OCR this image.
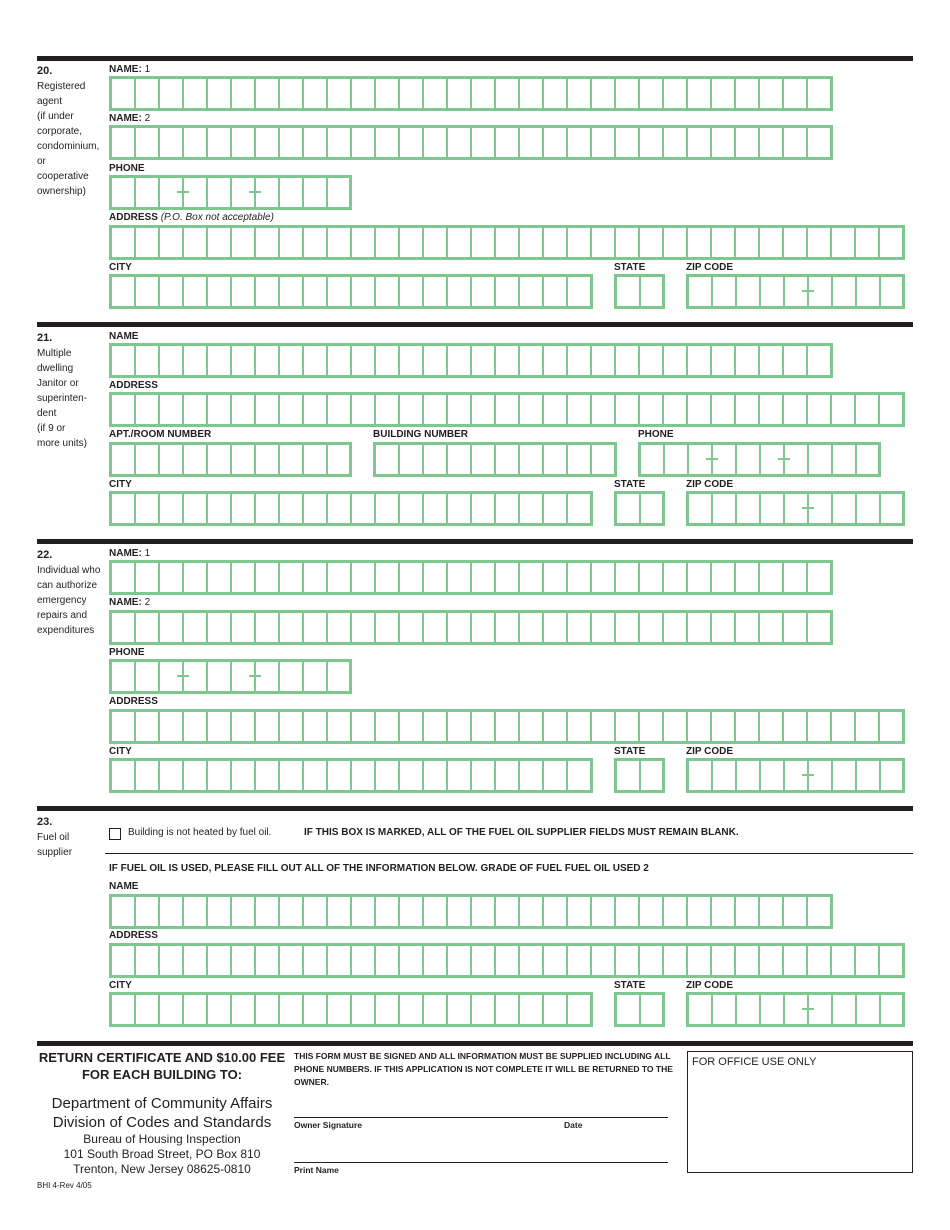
20.
Registered
agent
(if under
corporate,
condominium,
or
cooperative
ownership)
NAME: 1
NAME: 2
PHONE
ADDRESS (P.O. Box not acceptable)
CITY	STATE	ZIP CODE
21.
Multiple
dwelling
Janitor or
superinten-
dent
(if 9 or
more units)
NAME
ADDRESS
APT./ROOM NUMBER	BUILDING NUMBER	PHONE
CITY	STATE	ZIP CODE
22.
Individual who
can authorize
emergency
repairs and
expenditures
NAME: 1
NAME: 2
PHONE
ADDRESS
CITY	STATE	ZIP CODE
23.
Fuel oil
supplier
Building is not heated by fuel oil.	IF THIS BOX IS MARKED, ALL OF THE FUEL OIL SUPPLIER FIELDS MUST REMAIN BLANK.
IF FUEL OIL IS USED, PLEASE FILL OUT ALL OF THE INFORMATION BELOW. GRADE OF FUEL FUEL OIL USED 2
NAME
ADDRESS
CITY	STATE	ZIP CODE
RETURN CERTIFICATE AND $10.00 FEE
FOR EACH BUILDING TO:
Department of Community Affairs
Division of Codes and Standards
Bureau of Housing Inspection
101 South Broad Street, PO Box 810
Trenton, New Jersey 08625-0810
BHI 4-Rev 4/05
THIS FORM MUST BE SIGNED AND ALL INFORMATION MUST BE SUPPLIED INCLUDING ALL PHONE NUMBERS. IF THIS APPLICATION IS NOT COMPLETE IT WILL BE RETURNED TO THE OWNER.
Owner Signature	Date
Print Name
FOR OFFICE USE ONLY
